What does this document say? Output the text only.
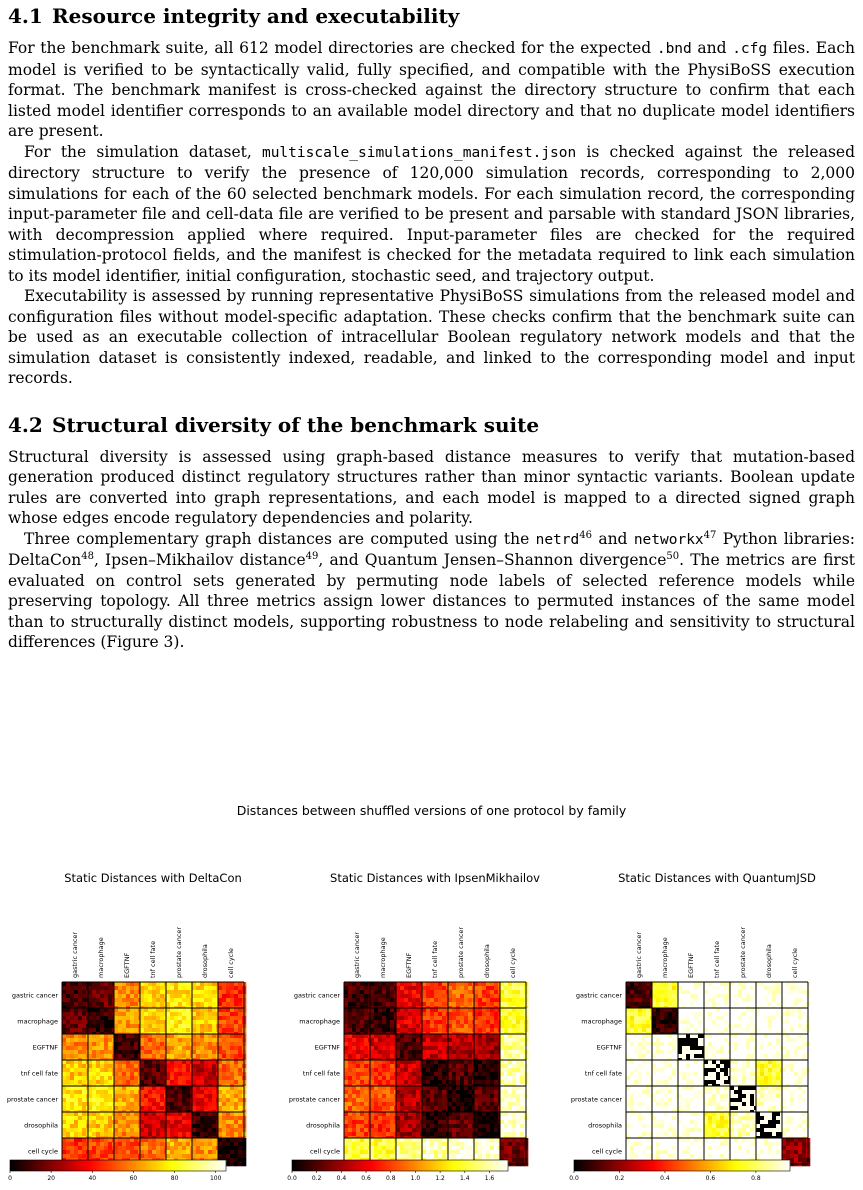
4.1 Resource integrity and executability

For the benchmark suite, all 612 model directories are checked for the expected .bnd and .cfg files. Each model is verified to be syntactically valid, fully specified, and compatible with the PhysiBoSS execution format. The benchmark manifest is cross-checked against the directory structure to confirm that each listed model identifier corresponds to an available model directory and that no duplicate model identifiers are present.

For the simulation dataset, multiscale_simulations_manifest.json is checked against the released directory structure to verify the presence of 120,000 simulation records, corresponding to 2,000 simulations for each of the 60 selected benchmark models. For each simulation record, the corresponding input-parameter file and cell-data file are verified to be present and parsable with standard JSON libraries, with decompression applied where required. Input-parameter files are checked for the required stimulation-protocol fields, and the manifest is checked for the metadata required to link each simulation to its model identifier, initial configuration, stochastic seed, and trajectory output.

Executability is assessed by running representative PhysiBoSS simulations from the released model and configuration files without model-specific adaptation. These checks confirm that the benchmark suite can be used as an executable collection of intracellular Boolean regulatory network models and that the simulation dataset is consistently indexed, readable, and linked to the corresponding model and input records.

4.2 Structural diversity of the benchmark suite

Structural diversity is assessed using graph-based distance measures to verify that mutation-based generation produced distinct regulatory structures rather than minor syntactic variants. Boolean update rules are converted into graph representations, and each model is mapped to a directed signed graph whose edges encode regulatory dependencies and polarity.

Three complementary graph distances are computed using the netrd$^{46}$ and networkx$^{47}$ Python libraries: DeltaCon$^{48}$, Ipsen–Mikhailov distance$^{49}$, and Quantum Jensen–Shannon divergence$^{50}$. The metrics are first evaluated on control sets generated by permuting node labels of selected reference models while preserving topology. All three metrics assign lower distances to permuted instances of the same model than to structurally distinct models, supporting robustness to node relabeling and sensitivity to structural differences (Figure 3).

Distances between shuffled versions of one protocol by family
Static Distances with DeltaCon
gastric cancer
gastric cancer
macrophage
macrophage
EGFTNF
EGFTNF
tnf cell fate
tnf cell fate
prostate cancer
prostate cancer
drosophila
drosophila
cell cycle
cell cycle
0	20	40	60	80	100
Static Distances with IpsenMikhailov
gastric cancer
gastric cancer
macrophage
macrophage
EGFTNF
EGFTNF
tnf cell fate
tnf cell fate
prostate cancer
prostate cancer
drosophila
drosophila
cell cycle
cell cycle
0.0	0.2	0.4	0.6	0.8	1.0	1.2	1.4	1.6
Static Distances with QuantumJSD
gastric cancer
gastric cancer
macrophage
macrophage
EGFTNF
EGFTNF
tnf cell fate
tnf cell fate
prostate cancer
prostate cancer
drosophila
drosophila
cell cycle
cell cycle
0.0	0.2	0.4	0.6	0.8
